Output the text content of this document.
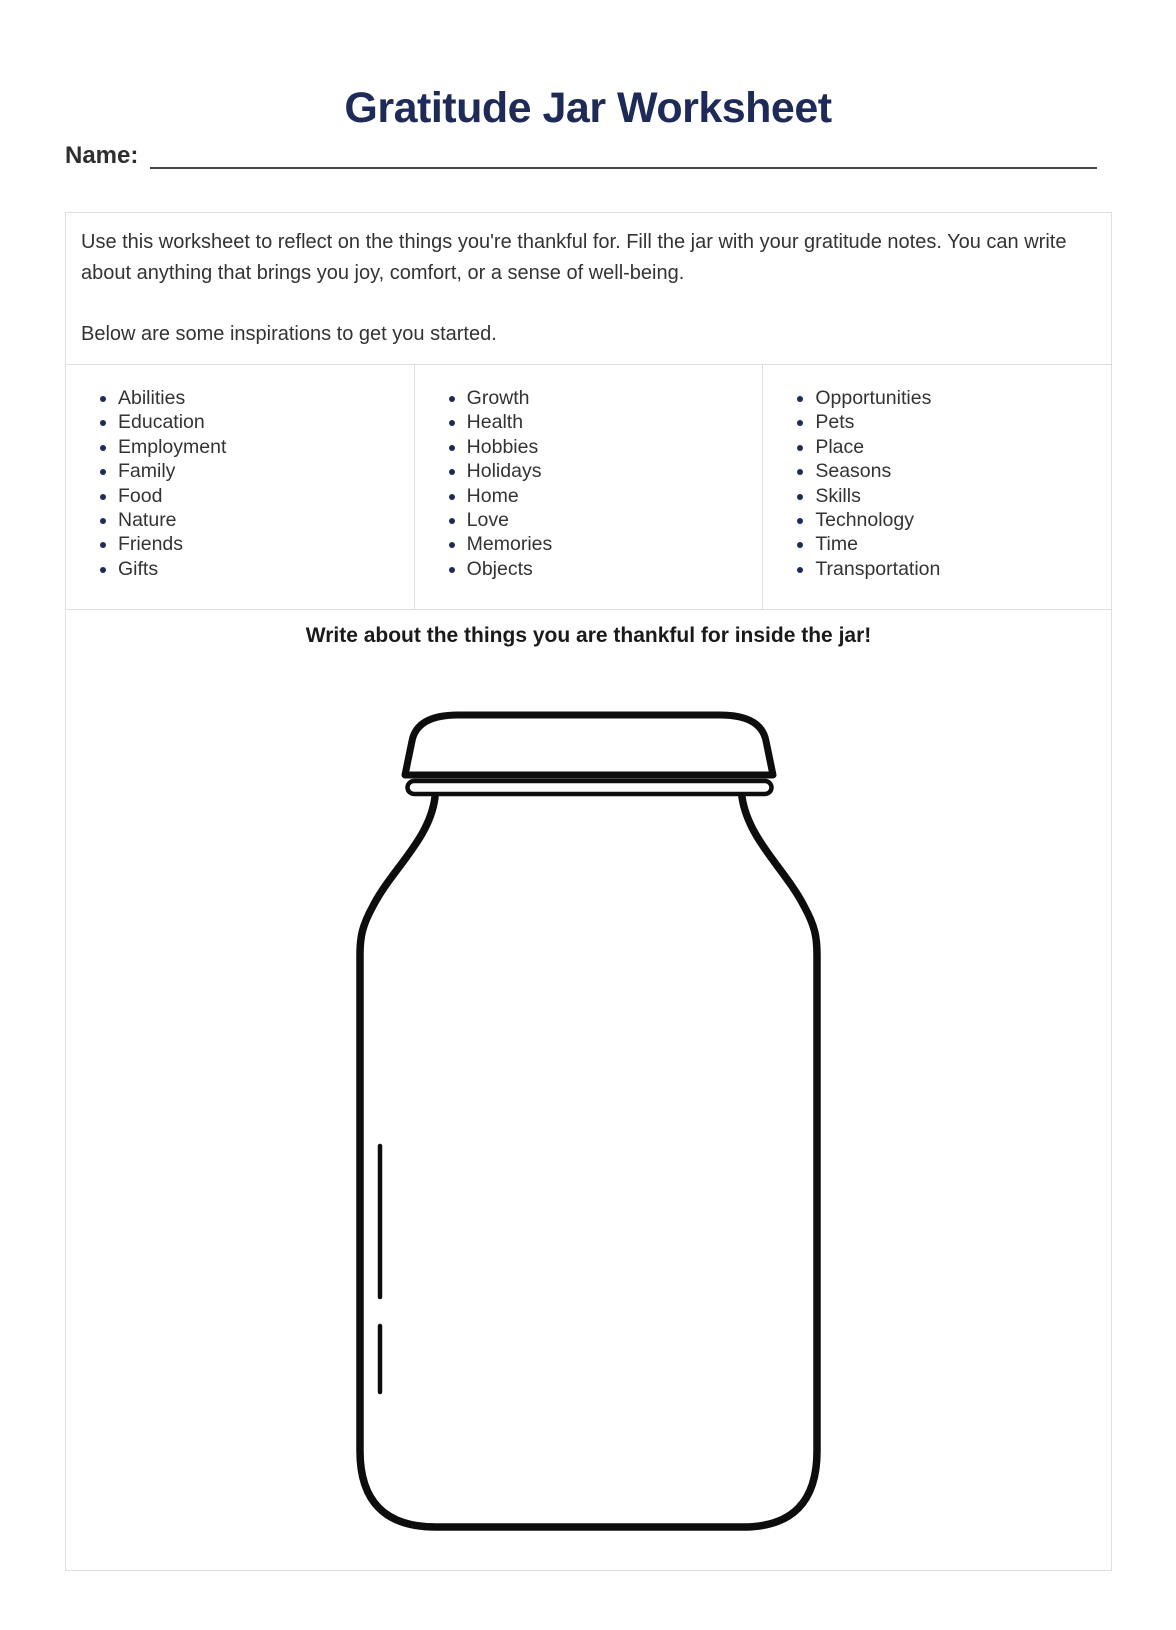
Gratitude Jar Worksheet
Name:

Use this worksheet to reflect on the things you're thankful for. Fill the jar with your gratitude notes. You can write about anything that brings you joy, comfort, or a sense of well-being.

Below are some inspirations to get you started.

• Abilities
• Education
• Employment
• Family
• Food
• Nature
• Friends
• Gifts
• Growth
• Health
• Hobbies
• Holidays
• Home
• Love
• Memories
• Objects
• Opportunities
• Pets
• Place
• Seasons
• Skills
• Technology
• Time
• Transportation
Write about the things you are thankful for inside the jar!
